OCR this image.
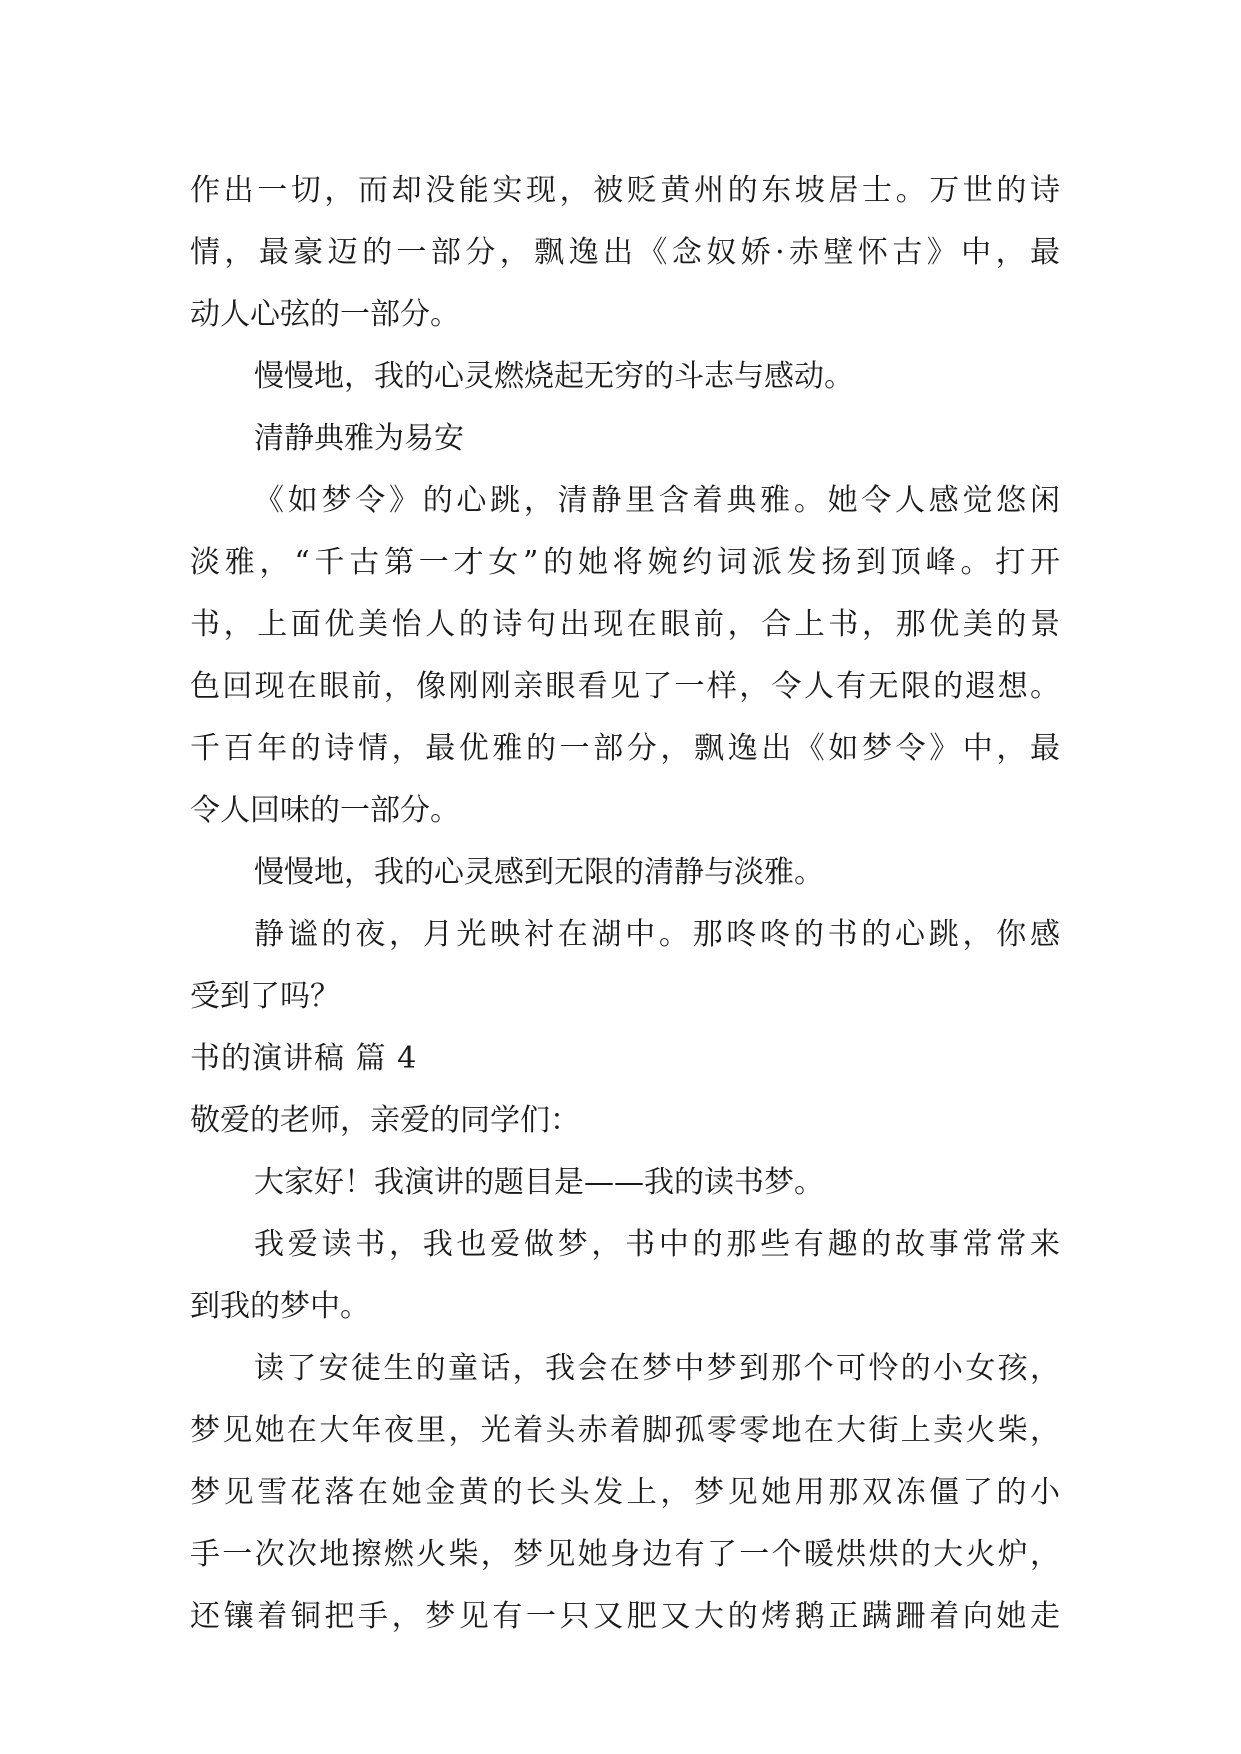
作出一切，而却没能实现，被贬黄州的东坡居士。万世的诗
情，最豪迈的一部分，飘逸出《念奴娇·赤壁怀古》中，最
动人心弦的一部分。
慢慢地，我的心灵燃烧起无穷的斗志与感动。
清静典雅为易安
《如梦令》的心跳，清静里含着典雅。她令人感觉悠闲
淡雅，“千古第一才女”的她将婉约词派发扬到顶峰。打开
书，上面优美怡人的诗句出现在眼前，合上书，那优美的景
色回现在眼前，像刚刚亲眼看见了一样，令人有无限的遐想。
千百年的诗情，最优雅的一部分，飘逸出《如梦令》中，最
令人回味的一部分。
慢慢地，我的心灵感到无限的清静与淡雅。
静谧的夜，月光映衬在湖中。那咚咚的书的心跳，你感
受到了吗？
书的演讲稿 篇 4
敬爱的老师，亲爱的同学们：
大家好！我演讲的题目是——我的读书梦。
我爱读书，我也爱做梦，书中的那些有趣的故事常常来
到我的梦中。
读了安徒生的童话，我会在梦中梦到那个可怜的小女孩，
梦见她在大年夜里，光着头赤着脚孤零零地在大街上卖火柴，
梦见雪花落在她金黄的长头发上，梦见她用那双冻僵了的小
手一次次地擦燃火柴，梦见她身边有了一个暖烘烘的大火炉，
还镶着铜把手，梦见有一只又肥又大的烤鹅正蹒跚着向她走
